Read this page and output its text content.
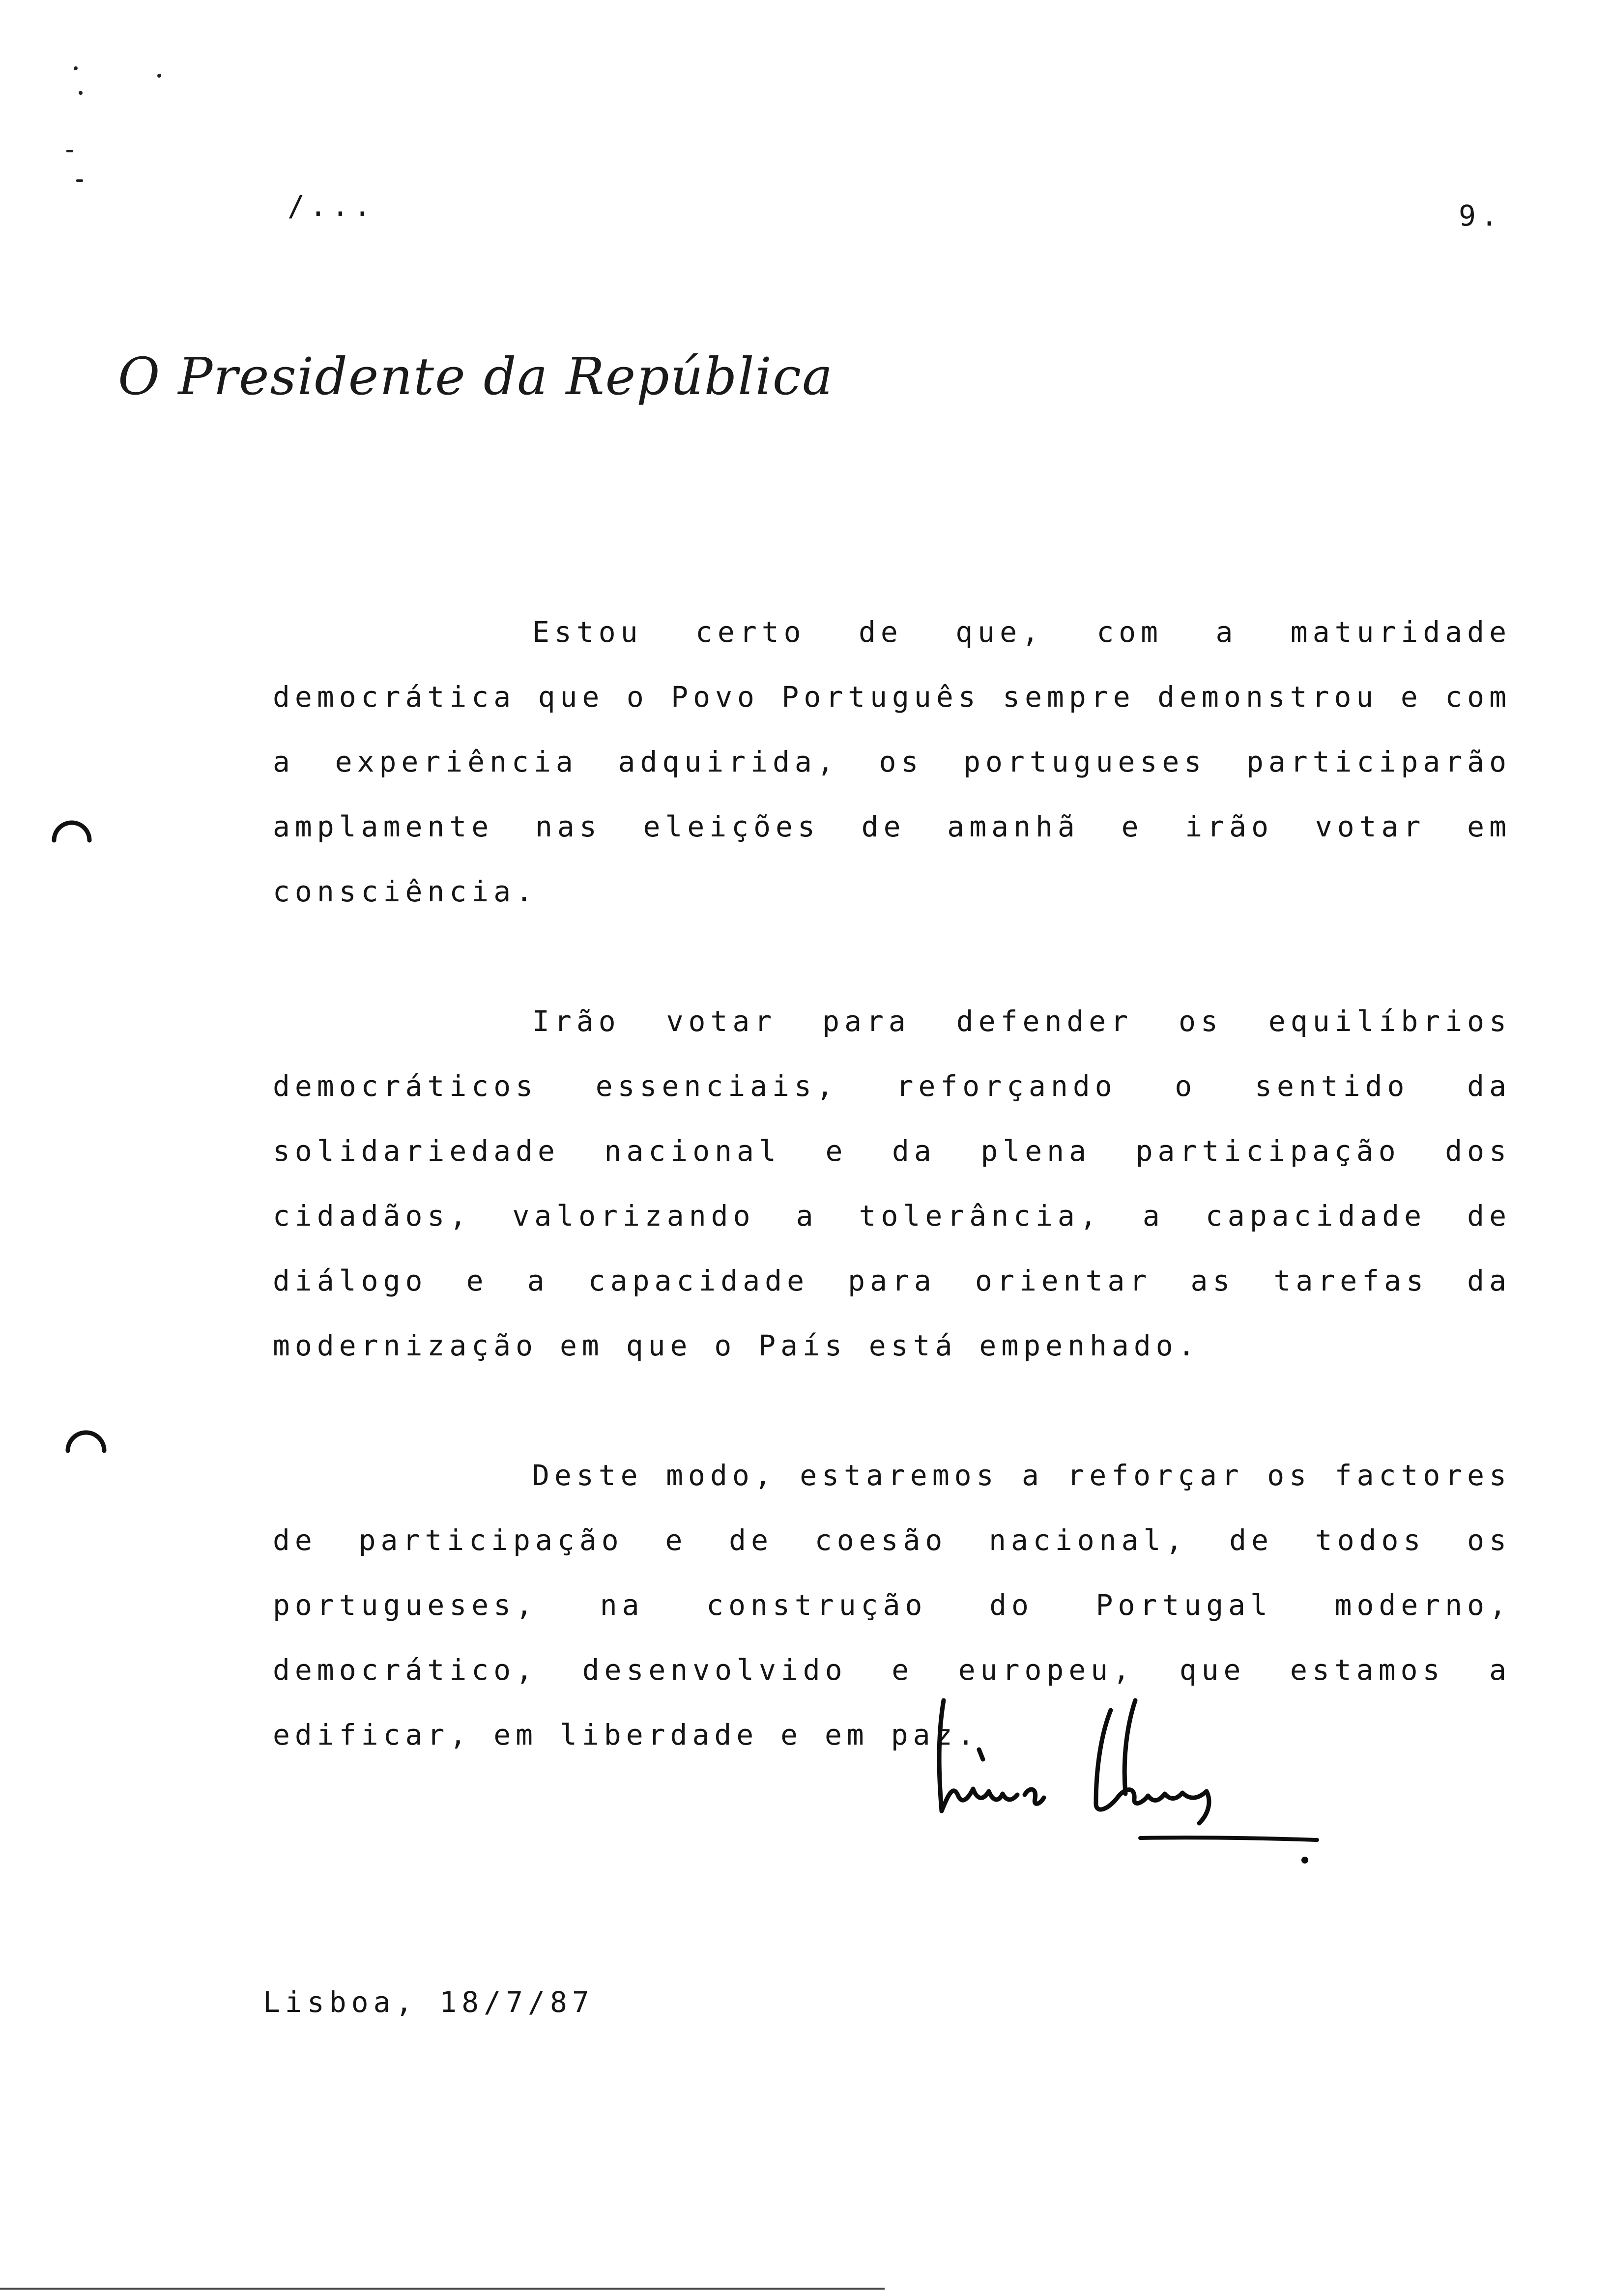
/...	9.
O Presidente da República

Estou certo de que, com a maturidade democrática que o Povo Português sempre demonstrou e com a experiência adquirida, os portugueses participarão amplamente nas eleições de amanhã e irão votar em consciência.

Irão votar para defender os equilíbrios democráticos essenciais, reforçando o sentido da solidariedade nacional e da plena participação dos cidadãos, valorizando a tolerância, a capacidade de diálogo e a capacidade para orientar as tarefas da modernização em que o País está empenhado.

Deste modo, estaremos a reforçar os factores de participação e de coesão nacional, de todos os portugueses, na construção do Portugal moderno, democrático, desenvolvido e europeu, que estamos a edificar, em liberdade e em paz.

Lisboa, 18/7/87
